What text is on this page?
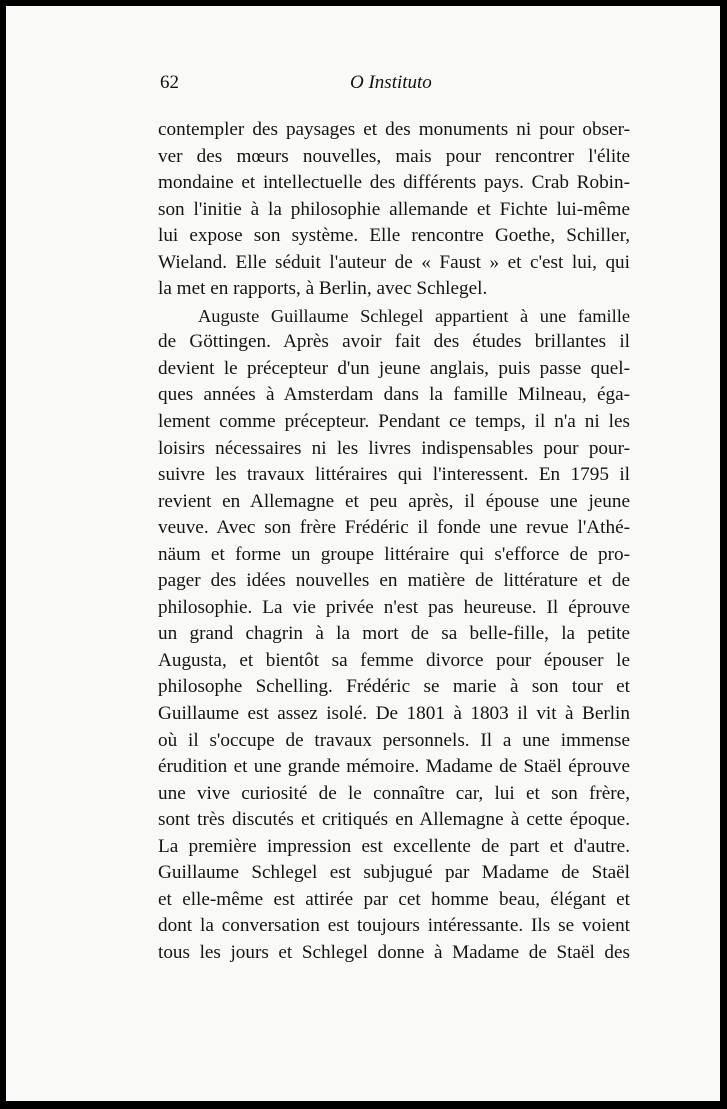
62	O Instituto
contempler des paysages et des monuments ni pour obser-
ver des mœurs nouvelles, mais pour rencontrer l'élite
mondaine et intellectuelle des différents pays. Crab Robin-
son l'initie à la philosophie allemande et Fichte lui-même
lui expose son système. Elle rencontre Goethe, Schiller,
Wieland. Elle séduit l'auteur de « Faust » et c'est lui, qui
la met en rapports, à Berlin, avec Schlegel.
Auguste Guillaume Schlegel appartient à une famille
de Göttingen. Après avoir fait des études brillantes il
devient le précepteur d'un jeune anglais, puis passe quel-
ques années à Amsterdam dans la famille Milneau, éga-
lement comme précepteur. Pendant ce temps, il n'a ni les
loisirs nécessaires ni les livres indispensables pour pour-
suivre les travaux littéraires qui l'interessent. En 1795 il
revient en Allemagne et peu après, il épouse une jeune
veuve. Avec son frère Frédéric il fonde une revue l'Athé-
näum et forme un groupe littéraire qui s'efforce de pro-
pager des idées nouvelles en matière de littérature et de
philosophie. La vie privée n'est pas heureuse. Il éprouve
un grand chagrin à la mort de sa belle-fille, la petite
Augusta, et bientôt sa femme divorce pour épouser le
philosophe Schelling. Frédéric se marie à son tour et
Guillaume est assez isolé. De 1801 à 1803 il vit à Berlin
où il s'occupe de travaux personnels. Il a une immense
érudition et une grande mémoire. Madame de Staël éprouve
une vive curiosité de le connaître car, lui et son frère,
sont très discutés et critiqués en Allemagne à cette époque.
La première impression est excellente de part et d'autre.
Guillaume Schlegel est subjugué par Madame de Staël
et elle-même est attirée par cet homme beau, élégant et
dont la conversation est toujours intéressante. Ils se voient
tous les jours et Schlegel donne à Madame de Staël des
